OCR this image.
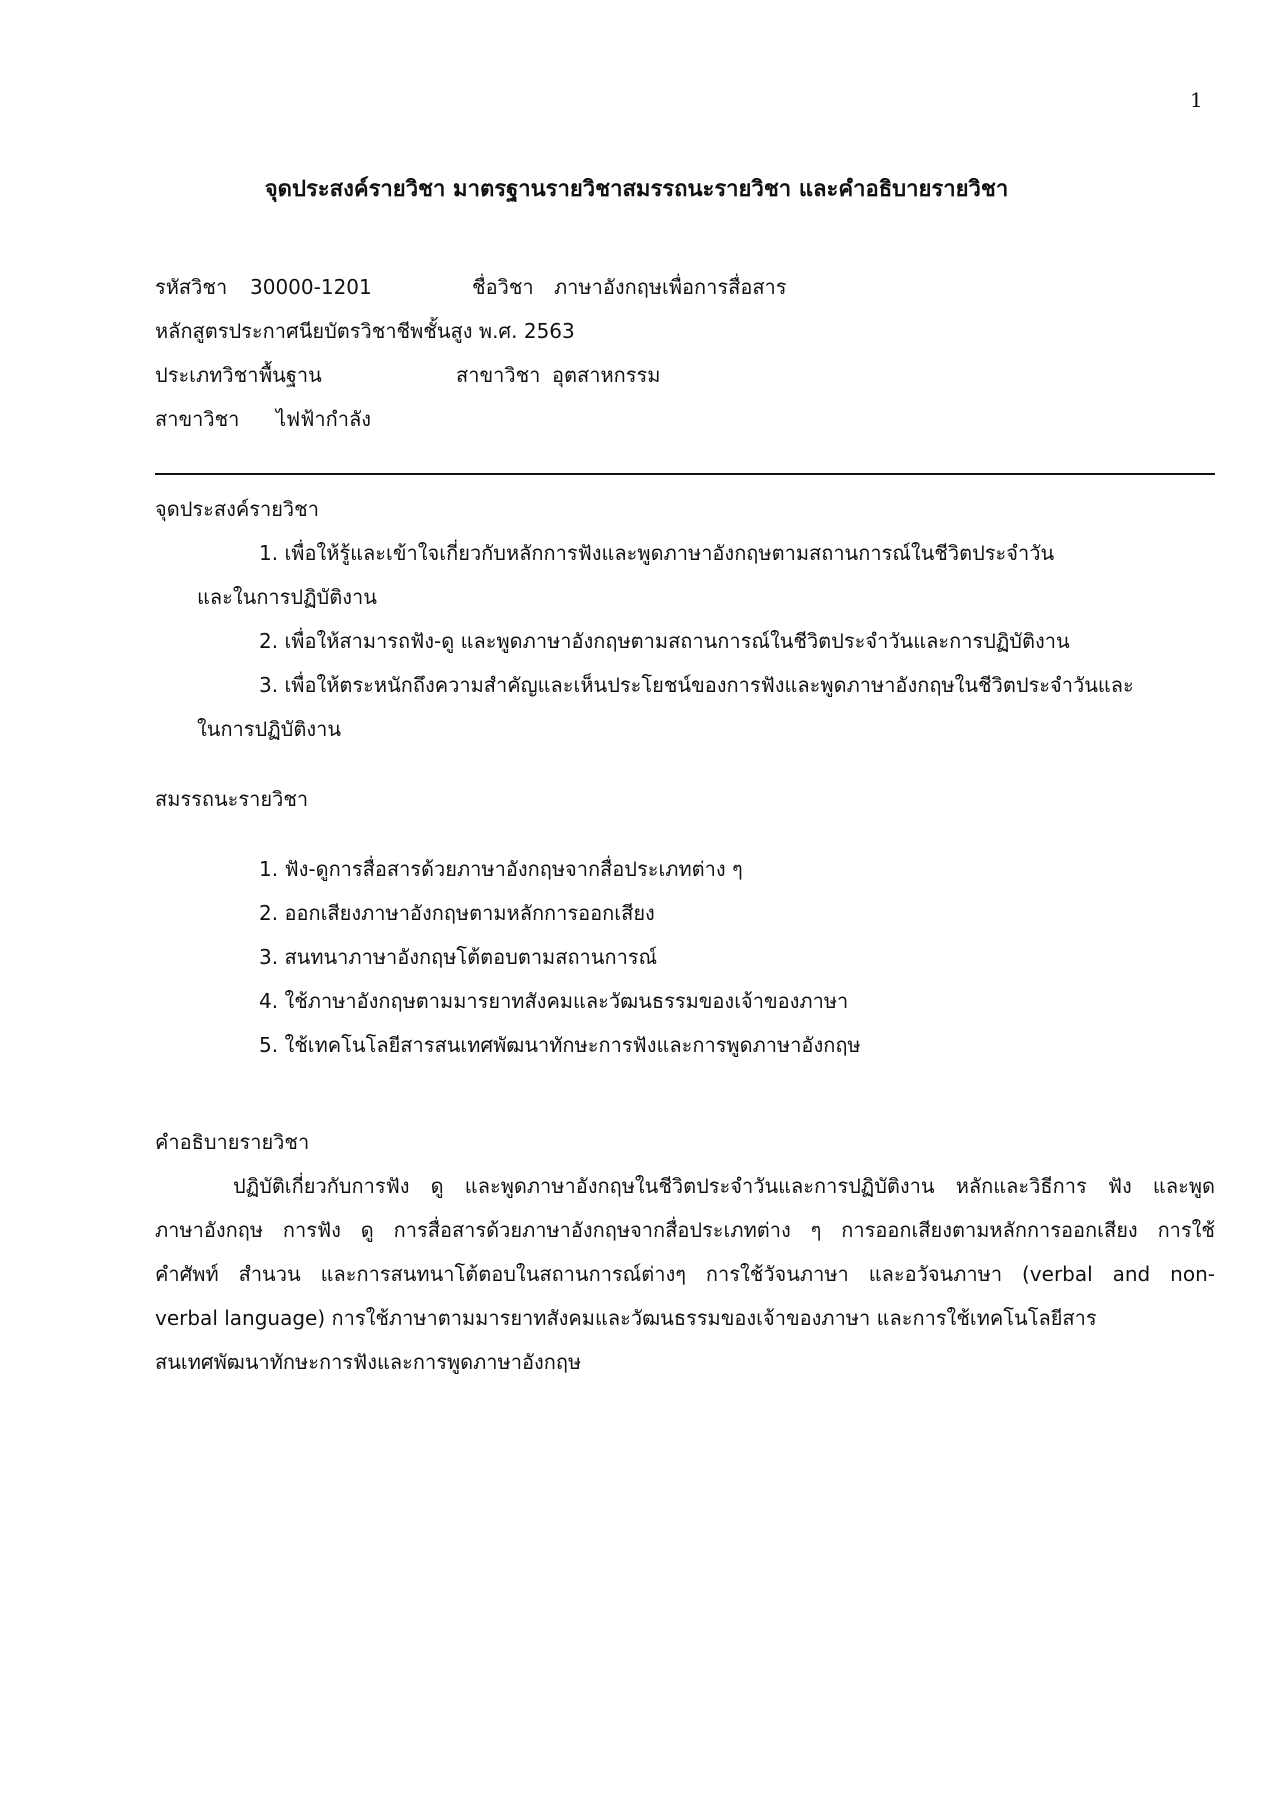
1
จุดประสงค์รายวิชา มาตรฐานรายวิชาสมรรถนะรายวิชา และคำอธิบายรายวิชา
รหัสวิชา 30000-1201	ชื่อวิชา ภาษาอังกฤษเพื่อการสื่อสาร
หลักสูตรประกาศนียบัตรวิชาชีพชั้นสูง พ.ศ. 2563
ประเภทวิชา พื้นฐาน	สาขาวิชา อุตสาหกรรม
สาขาวิชา ไฟฟ้ากำลัง
จุดประสงค์รายวิชา
1. เพื่อให้รู้และเข้าใจเกี่ยวกับหลักการฟังและพูดภาษาอังกฤษตามสถานการณ์ในชีวิตประจำวัน
และในการปฏิบัติงาน
2. เพื่อให้สามารถฟัง-ดู และพูดภาษาอังกฤษตามสถานการณ์ในชีวิตประจำวันและการปฏิบัติงาน
3. เพื่อให้ตระหนักถึงความสำคัญและเห็นประโยชน์ของการฟังและพูดภาษาอังกฤษในชีวิตประจำวันและ
ในการปฏิบัติงาน
สมรรถนะรายวิชา
1. ฟัง-ดูการสื่อสารด้วยภาษาอังกฤษจากสื่อประเภทต่าง ๆ
2. ออกเสียงภาษาอังกฤษตามหลักการออกเสียง
3. สนทนาภาษาอังกฤษโต้ตอบตามสถานการณ์
4. ใช้ภาษาอังกฤษตามมารยาทสังคมและวัฒนธรรมของเจ้าของภาษา
5. ใช้เทคโนโลยีสารสนเทศพัฒนาทักษะการฟังและการพูดภาษาอังกฤษ
คำอธิบายรายวิชา
ปฏิบัติเกี่ยวกับการฟัง ดู และพูดภาษาอังกฤษในชีวิตประจำวันและการปฏิบัติงาน หลักและวิธีการ ฟัง และพูด
ภาษาอังกฤษ การฟัง ดู การสื่อสารด้วยภาษาอังกฤษจากสื่อประเภทต่าง ๆ การออกเสียงตามหลักการออกเสียง การใช้
คำศัพท์ สำนวน และการสนทนาโต้ตอบในสถานการณ์ต่างๆ การใช้วัจนภาษา และอวัจนภาษา (verbal and non-
verbal language) การใช้ภาษาตามมารยาทสังคมและวัฒนธรรมของเจ้าของภาษา และการใช้เทคโนโลยีสาร
สนเทศพัฒนาทักษะการฟังและการพูดภาษาอังกฤษ
